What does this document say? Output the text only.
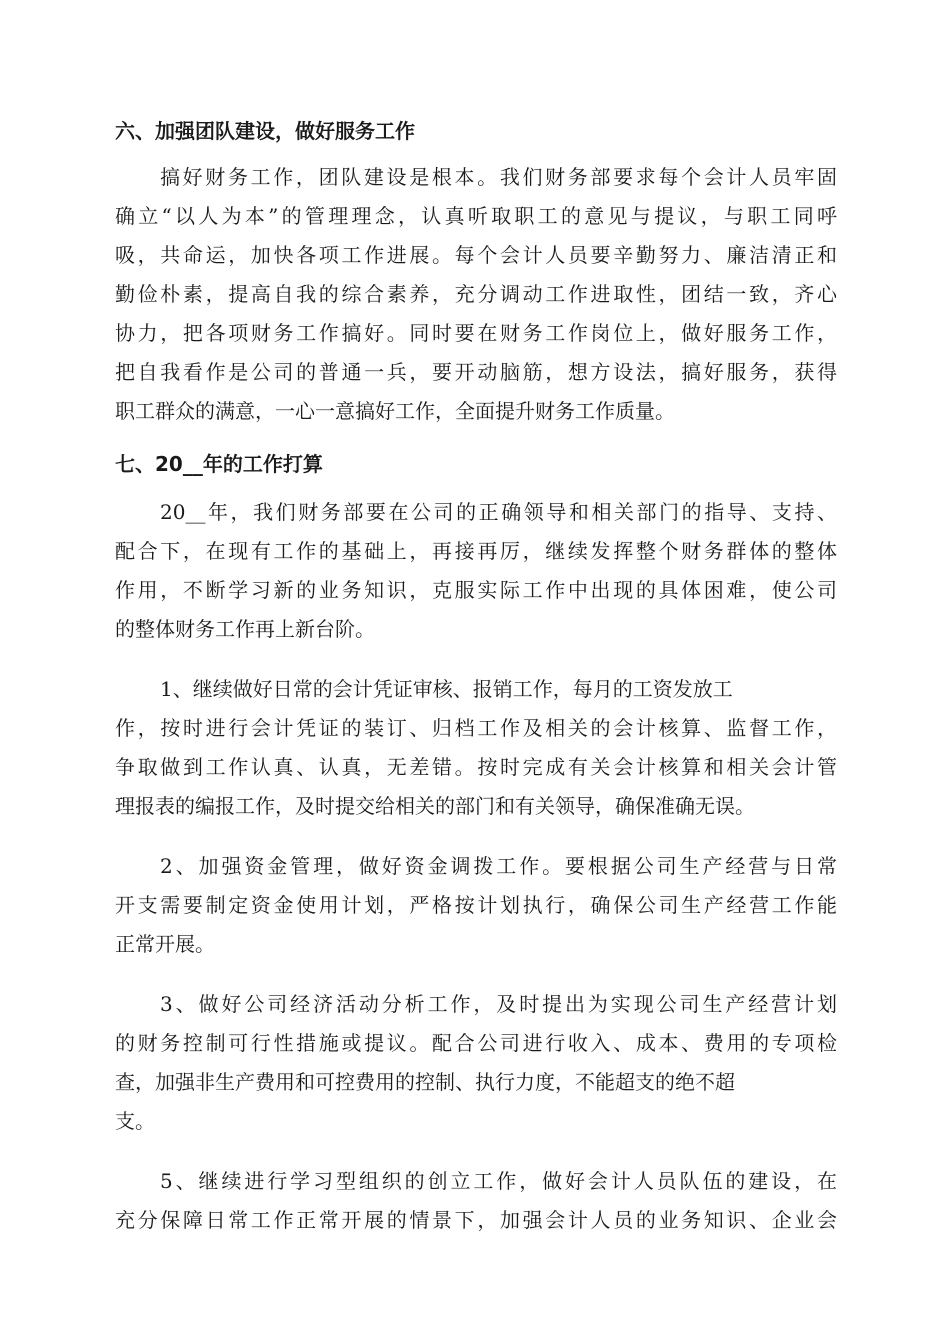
六、加强团队建设，做好服务工作

搞好财务工作，团队建设是根本。我们财务部要求每个会计人员牢固
确立“以人为本”的管理理念，认真听取职工的意见与提议，与职工同呼
吸，共命运，加快各项工作进展。每个会计人员要辛勤努力、廉洁清正和
勤俭朴素，提高自我的综合素养，充分调动工作进取性，团结一致，齐心
协力，把各项财务工作搞好。同时要在财务工作岗位上，做好服务工作，
把自我看作是公司的普通一兵，要开动脑筋，想方设法，搞好服务，获得
职工群众的满意，一心一意搞好工作，全面提升财务工作质量。

七、20__年的工作打算

20__年，我们财务部要在公司的正确领导和相关部门的指导、支持、
配合下，在现有工作的基础上，再接再厉，继续发挥整个财务群体的整体
作用，不断学习新的业务知识，克服实际工作中出现的具体困难，使公司
的整体财务工作再上新台阶。
1、继续做好日常的会计凭证审核、报销工作，每月的工资发放工
作，按时进行会计凭证的装订、归档工作及相关的会计核算、监督工作，
争取做到工作认真、认真，无差错。按时完成有关会计核算和相关会计管
理报表的编报工作，及时提交给相关的部门和有关领导，确保准确无误。
2、加强资金管理，做好资金调拨工作。要根据公司生产经营与日常
开支需要制定资金使用计划，严格按计划执行，确保公司生产经营工作能
正常开展。
3、做好公司经济活动分析工作，及时提出为实现公司生产经营计划
的财务控制可行性措施或提议。配合公司进行收入、成本、费用的专项检
查，加强非生产费用和可控费用的控制、执行力度，不能超支的绝不超
支。
5、继续进行学习型组织的创立工作，做好会计人员队伍的建设，在
充分保障日常工作正常开展的情景下，加强会计人员的业务知识、企业会
